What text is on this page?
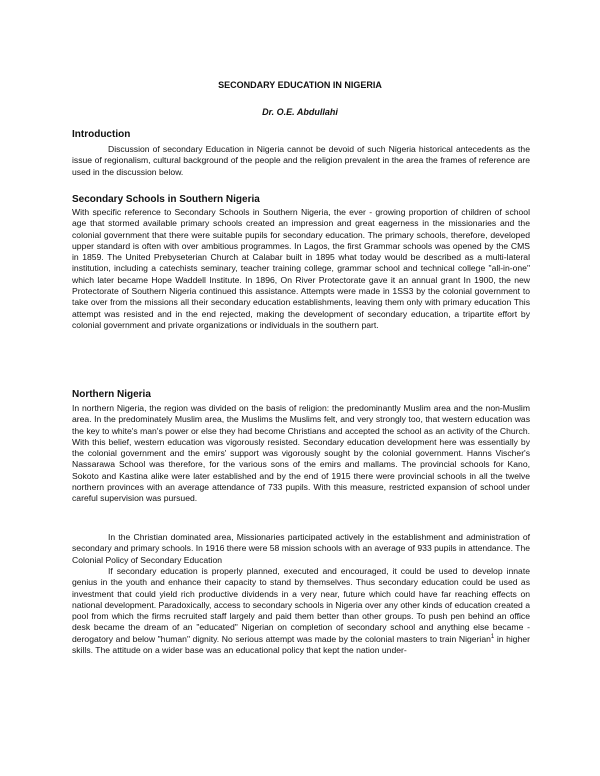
SECONDARY EDUCATION IN NIGERIA
Dr. O.E. Abdullahi
Introduction

Discussion of secondary Education in Nigeria cannot be devoid of such Nigeria historical antecedents as the issue of regionalism, cultural background of the people and the religion prevalent in the area the frames of reference are used in the discussion below.

Secondary Schools in Southern Nigeria

With specific reference to Secondary Schools in Southern Nigeria, the ever - growing proportion of children of school age that stormed available primary schools created an impression and great eagerness in the missionaries and the colonial government that there were suitable pupils for secondary education. The primary schools, therefore, developed upper standard is often with over ambitious programmes. In Lagos, the first Grammar schools was opened by the CMS in 1859. The United Prebyseterian Church at Calabar built in 1895 what today would be described as a multi-lateral institution, including a catechists seminary, teacher training college, grammar school and technical college "all-in-one" which later became Hope Waddell Institute. In 1896, On River Protectorate gave it an annual grant In 1900, the new Protectorate of Southern Nigeria continued this assistance. Attempts were made in 1SS3 by the colonial government to take over from the missions all their secondary education establishments, leaving them only with primary education This attempt was resisted and in the end rejected, making the development of secondary education, a tripartite effort by colonial government and private organizations or individuals in the southern part.

Northern Nigeria

In northern Nigeria, the region was divided on the basis of religion: the predominantly Muslim area and the non-Muslim area. In the predominately Muslim area, the Muslims the Muslims felt, and very strongly too, that western education was the key to white's man's power or else they had become Christians and accepted the school as an activity of the Church. With this belief, western education was vigorously resisted. Secondary education development here was essentially by the colonial government and the emirs' support was vigorously sought by the colonial government. Hanns Vischer's Nassarawa School was therefore, for the various sons of the emirs and mallams. The provincial schools for Kano, Sokoto and Kastina alike were later established and by the end of 1915 there were provincial schools in all the twelve northern provinces with an average attendance of 733 pupils. With this measure, restricted expansion of school under careful supervision was pursued.

In the Christian dominated area, Missionaries participated actively in the establishment and administration of secondary and primary schools. In 1916 there were 58 mission schools with an average of 933 pupils in attendance. The Colonial Policy of Secondary Education

If secondary education is properly planned, executed and encouraged, it could be used to develop innate genius in the youth and enhance their capacity to stand by themselves. Thus secondary education could be used as investment that could yield rich productive dividends in a very near, future which could have far reaching effects on national development. Paradoxically, access to secondary schools in Nigeria over any other kinds of education created a pool from which the firms recruited staff largely and paid them better than other groups. To push pen behind an office desk became the dream of an "educated" Nigerian on completion of secondary school and anything else became - derogatory and below "human" dignity. No serious attempt was made by the colonial masters to train Nigerian$^1$ in higher skills. The attitude on a wider base was an educational policy that kept the nation under-
